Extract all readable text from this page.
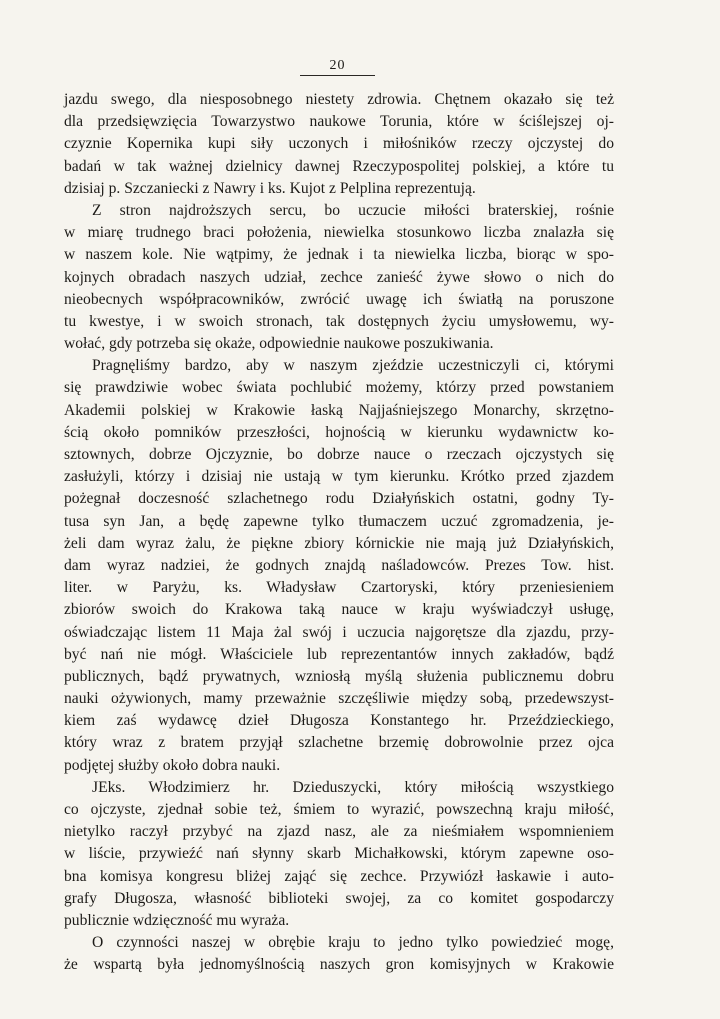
20
jazdu swego, dla niesposobnego niestety zdrowia. Chętnem okazało się też
dla przedsięwzięcia Towarzystwo naukowe Torunia, które w ściślejszej oj-
czyznie Kopernika kupi siły uczonych i miłośników rzeczy ojczystej do
badań w tak ważnej dzielnicy dawnej Rzeczypospolitej polskiej, a które tu
dzisiaj p. Szczaniecki z Nawry i ks. Kujot z Pelplina reprezentują.
Z stron najdroższych sercu, bo uczucie miłości braterskiej, rośnie
w miarę trudnego braci położenia, niewielka stosunkowo liczba znalazła się
w naszem kole. Nie wątpimy, że jednak i ta niewielka liczba, biorąc w spo-
kojnych obradach naszych udział, zechce zanieść żywe słowo o nich do
nieobecnych współpracowników, zwrócić uwagę ich światłą na poruszone
tu kwestye, i w swoich stronach, tak dostępnych życiu umysłowemu, wy-
wołać, gdy potrzeba się okaże, odpowiednie naukowe poszukiwania.
Pragnęliśmy bardzo, aby w naszym zjeździe uczestniczyli ci, którymi
się prawdziwie wobec świata pochlubić możemy, którzy przed powstaniem
Akademii polskiej w Krakowie łaską Najjaśniejszego Monarchy, skrzętno-
ścią około pomników przeszłości, hojnością w kierunku wydawnictw ko-
sztownych, dobrze Ojczyznie, bo dobrze nauce o rzeczach ojczystych się
zasłużyli, którzy i dzisiaj nie ustają w tym kierunku. Krótko przed zjazdem
pożegnał doczesność szlachetnego rodu Działyńskich ostatni, godny Ty-
tusa syn Jan, a będę zapewne tylko tłumaczem uczuć zgromadzenia, je-
żeli dam wyraz żalu, że piękne zbiory kórnickie nie mają już Działyńskich,
dam wyraz nadziei, że godnych znajdą naśladowców. Prezes Tow. hist.
liter. w Paryżu, ks. Władysław Czartoryski, który przeniesieniem
zbiorów swoich do Krakowa taką nauce w kraju wyświadczył usługę,
oświadczając listem 11 Maja żal swój i uczucia najgorętsze dla zjazdu, przy-
być nań nie mógł. Właściciele lub reprezentantów innych zakładów, bądź
publicznych, bądź prywatnych, wzniosłą myślą służenia publicznemu dobru
nauki ożywionych, mamy przeważnie szczęśliwie między sobą, przedewszyst-
kiem zaś wydawcę dzieł Długosza Konstantego hr. Przeździeckiego,
który wraz z bratem przyjął szlachetne brzemię dobrowolnie przez ojca
podjętej służby około dobra nauki.
JEks. Włodzimierz hr. Dzieduszycki, który miłością wszystkiego
co ojczyste, zjednał sobie też, śmiem to wyrazić, powszechną kraju miłość,
nietylko raczył przybyć na zjazd nasz, ale za nieśmiałem wspomnieniem
w liście, przywieźć nań słynny skarb Michałkowski, którym zapewne oso-
bna komisya kongresu bliżej zająć się zechce. Przywiózł łaskawie i auto-
grafy Długosza, własność biblioteki swojej, za co komitet gospodarczy
publicznie wdzięczność mu wyraża.
O czynności naszej w obrębie kraju to jedno tylko powiedzieć mogę,
że wspartą była jednomyślnością naszych gron komisyjnych w Krakowie
